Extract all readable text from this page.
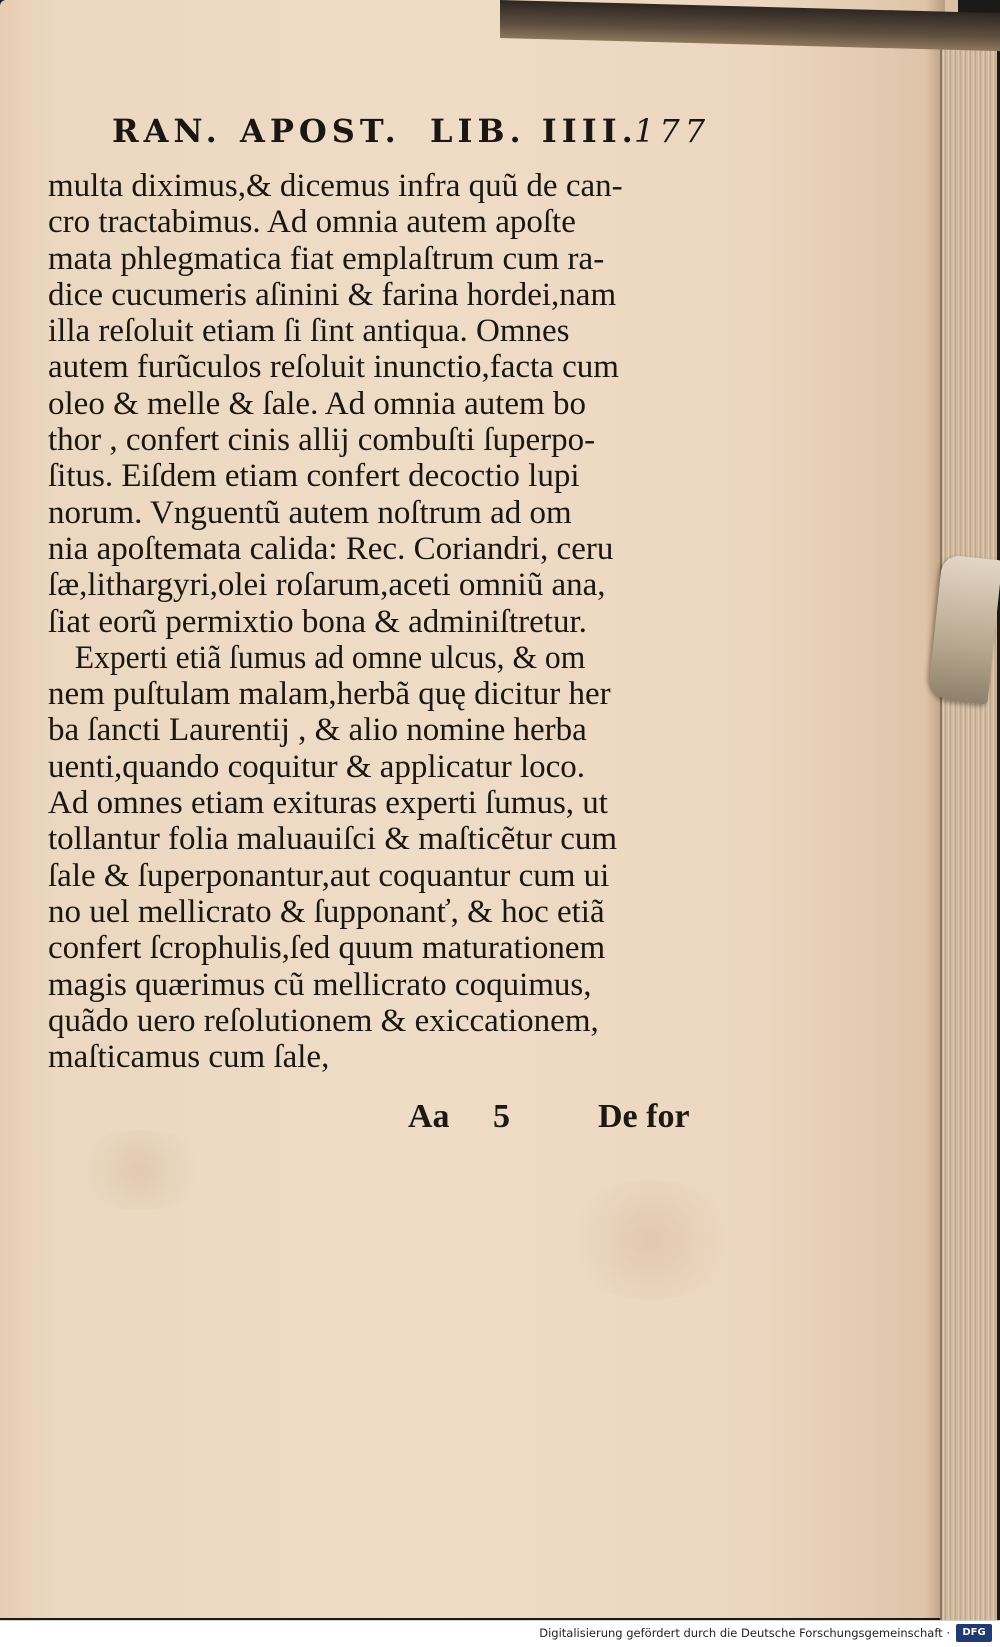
RAN. APOST. LIB. IIII.
177
multa diximus,& dicemus infra quũ de can-
cro tractabimus. Ad omnia autem apoſte
mata phlegmatica fiat emplaſtrum cum ra-
dice cucumeris aſinini & farina hordei,nam
illa reſoluit etiam ſi ſint antiqua. Omnes
autem furũculos reſoluit inunctio,facta cum
oleo & melle & ſale. Ad omnia autem bo
thor , confert cinis allij combuſti ſuperpo-
ſitus. Eiſdem etiam confert decoctio lupi
norum. Vnguentũ autem noſtrum ad om
nia apoſtemata calida: Rec. Coriandri, ceru
ſæ,lithargyri,olei roſarum,aceti omniũ ana,
ſiat eorũ permixtio bona & adminiſtretur.
Experti etiã ſumus ad omne ulcus, & om
nem puſtulam malam,herbã quę dicitur her
ba ſancti Laurentij , & alio nomine herba
uenti,quando coquitur & applicatur loco.
Ad omnes etiam exituras experti ſumus, ut
tollantur folia maluauiſci & maſticẽtur cum
ſale & ſuperponantur,aut coquantur cum ui
no uel mellicrato & ſupponanť, & hoc etiã
confert ſcrophulis,ſed quum maturationem
magis quærimus cũ mellicrato coquimus,
quãdo uero reſolutionem & exiccationem,
maſticamus cum ſale,
Aa 5	De for
Digitalisierung gefördert durch die Deutsche Forschungsgemeinschaft ·	DFG
